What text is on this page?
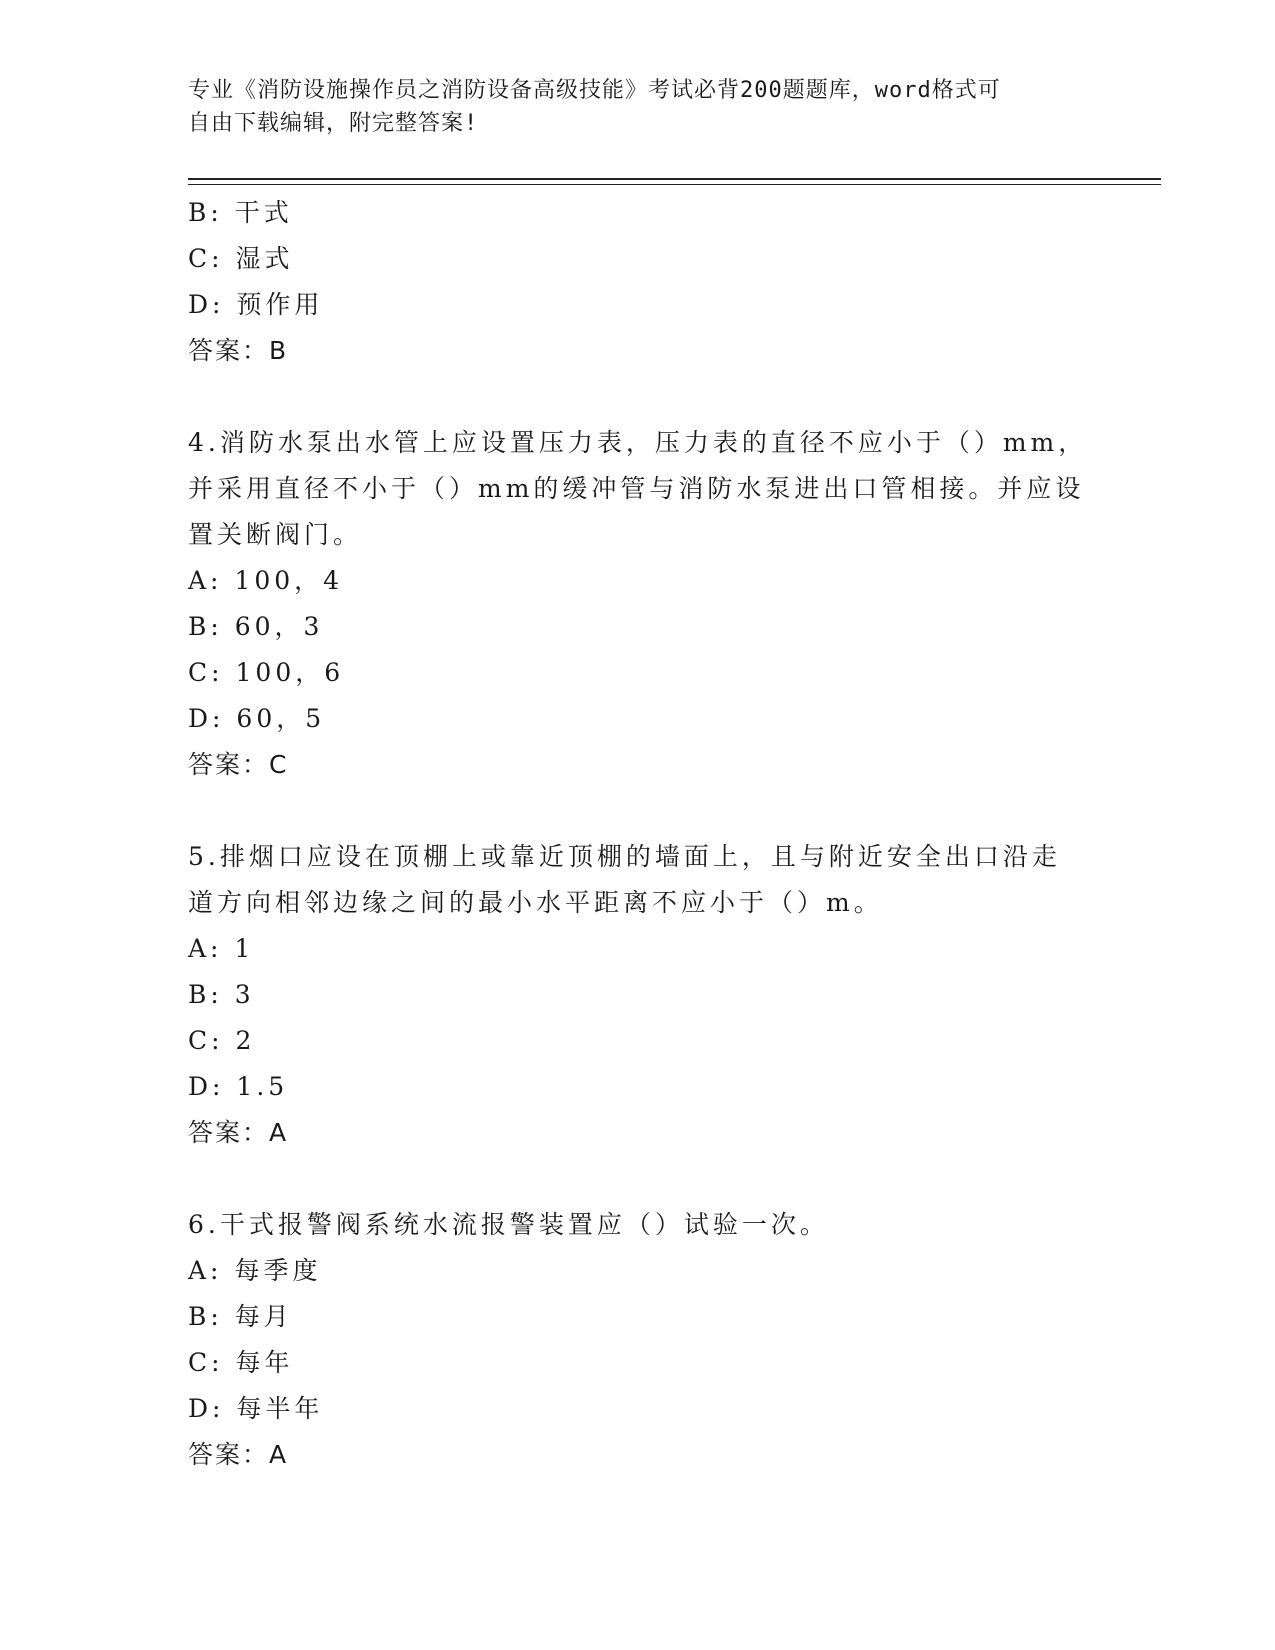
专业《消防设施操作员之消防设备高级技能》考试必背200题题库，word格式可
自由下载编辑，附完整答案!
B: 干式
C: 湿式
D: 预作用
答案：B
4.消防水泵出水管上应设置压力表，压力表的直径不应小于（）mm，
并采用直径不小于（）mm的缓冲管与消防水泵进出口管相接。并应设
置关断阀门。
A: 100，4
B: 60，3
C: 100，6
D: 60，5
答案：C
5.排烟口应设在顶棚上或靠近顶棚的墙面上，且与附近安全出口沿走
道方向相邻边缘之间的最小水平距离不应小于（）m。
A: 1
B: 3
C: 2
D: 1.5
答案：A
6.干式报警阀系统水流报警装置应（）试验一次。
A: 每季度
B: 每月
C: 每年
D: 每半年
答案：A
